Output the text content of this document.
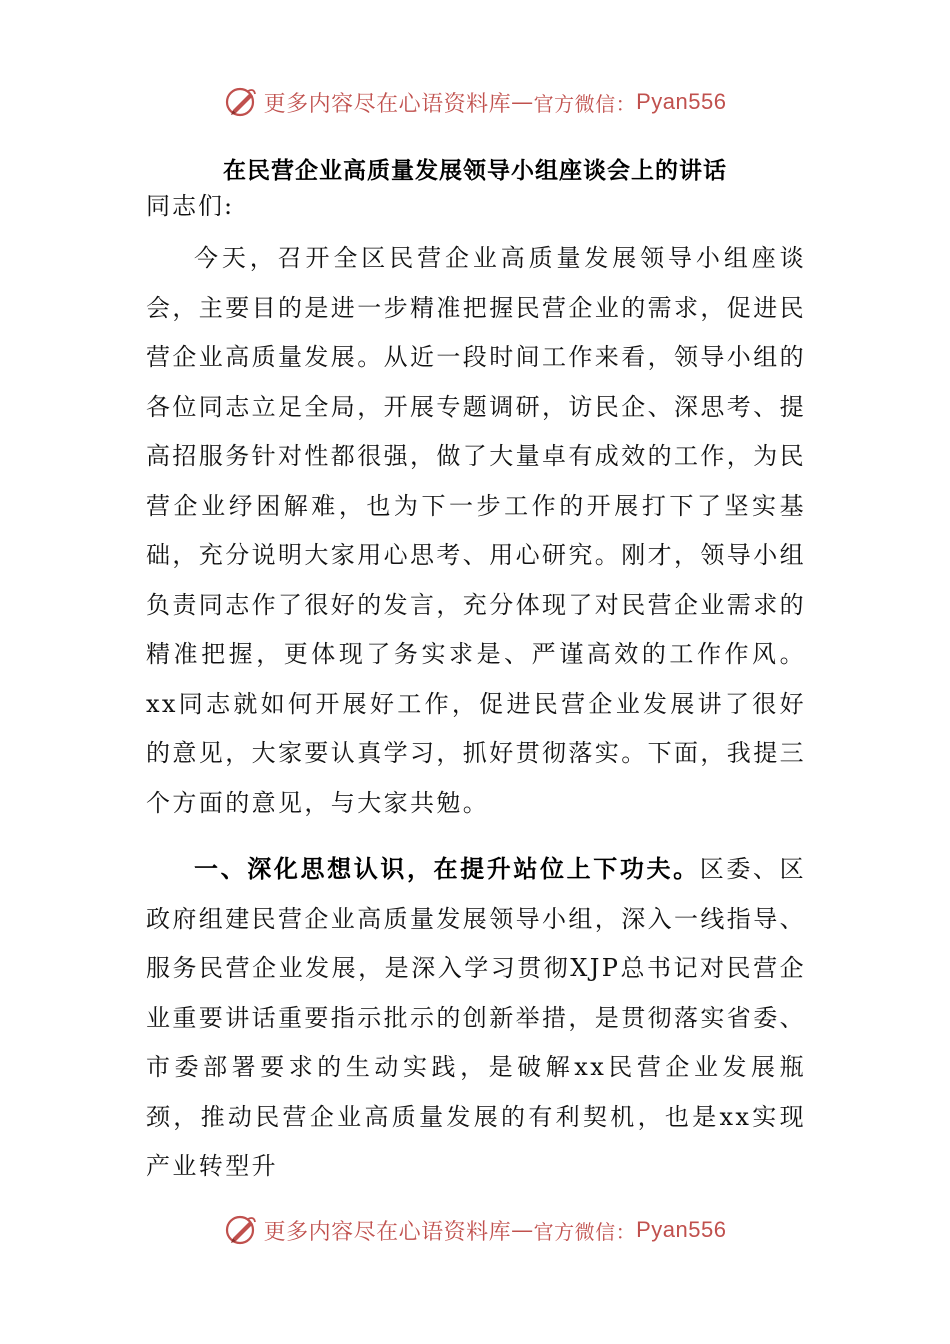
更多内容尽在心语资料库 — 官方微信： Pyan556
在民营企业高质量发展领导小组座谈会上的讲话
同志们:

今天，召开全区民营企业高质量发展领导小组座谈会，主要目的是进一步精准把握民营企业的需求，促进民营企业高质量发展。从近一段时间工作来看，领导小组的各位同志立足全局，开展专题调研，访民企、深思考、提高招服务针对性都很强，做了大量卓有成效的工作，为民营企业纾困解难，也为下一步工作的开展打下了坚实基础，充分说明大家用心思考、用心研究。刚才，领导小组负责同志作了很好的发言，充分体现了对民营企业需求的精准把握，更体现了务实求是、严谨高效的工作作风。xx同志就如何开展好工作，促进民营企业发展讲了很好的意见，大家要认真学习，抓好贯彻落实。下面，我提三个方面的意见，与大家共勉。

一、深化思想认识，在提升站位上下功夫。区委、区政府组建民营企业高质量发展领导小组，深入一线指导、服务民营企业发展，是深入学习贯彻XJP总书记对民营企业重要讲话重要指示批示的创新举措，是贯彻落实省委、市委部署要求的生动实践，是破解xx民营企业发展瓶颈，推动民营企业高质量发展的有利契机，也是xx实现产业转型升

更多内容尽在心语资料库 — 官方微信： Pyan556
